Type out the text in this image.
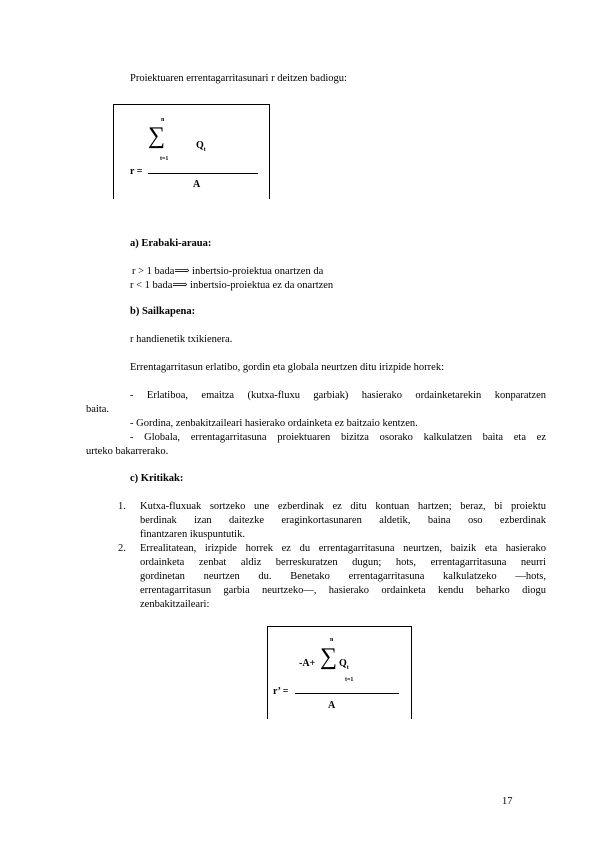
Proiektuaren errentagarritasunari r deitzen badiogu:
n
∑
t=1
$Q_t$
r =
A
a) Erabaki-araua:
r > 1 bada⟹ inbertsio-proiektua onartzen da
r < 1 bada⟹ inbertsio-proiektua ez da onartzen
b) Sailkapena:
r handienetik txikienera.
Errentagarritasun erlatibo, gordin eta globala neurtzen ditu irizpide horrek:
- Erlatiboa, emaitza (kutxa-fluxu garbiak) hasierako ordainketarekin konparatzen
baita.
- Gordina, zenbakitzaileari hasierako ordainketa ez baitzaio kentzen.
- Globala, errentagarritasuna proiektuaren bizitza osorako kalkulatzen baita eta ez
urteko bakarrerako.
c) Kritikak:
1. Kutxa-fluxuak sortzeko une ezberdinak ez ditu kontuan hartzen; beraz, bi proiektu
berdinak izan daitezke eraginkortasunaren aldetik, baina oso ezberdinak
finantzaren ikuspuntutik.
2. Errealitatean, irizpide horrek ez du errentagarritasuna neurtzen, baizik eta hasierako
ordainketa zenbat aldiz berreskuratzen dugun; hots, errentagarritasuna neurri
gordinetan neurtzen du. Benetako errentagarritasuna kalkulatzeko —hots,
errentagarritasun garbia neurtzeko—, hasierako ordainketa kendu beharko diogu
zenbakitzaileari:
n
-A+ ∑ $Q_t$
t=1
r’ =
A
17
